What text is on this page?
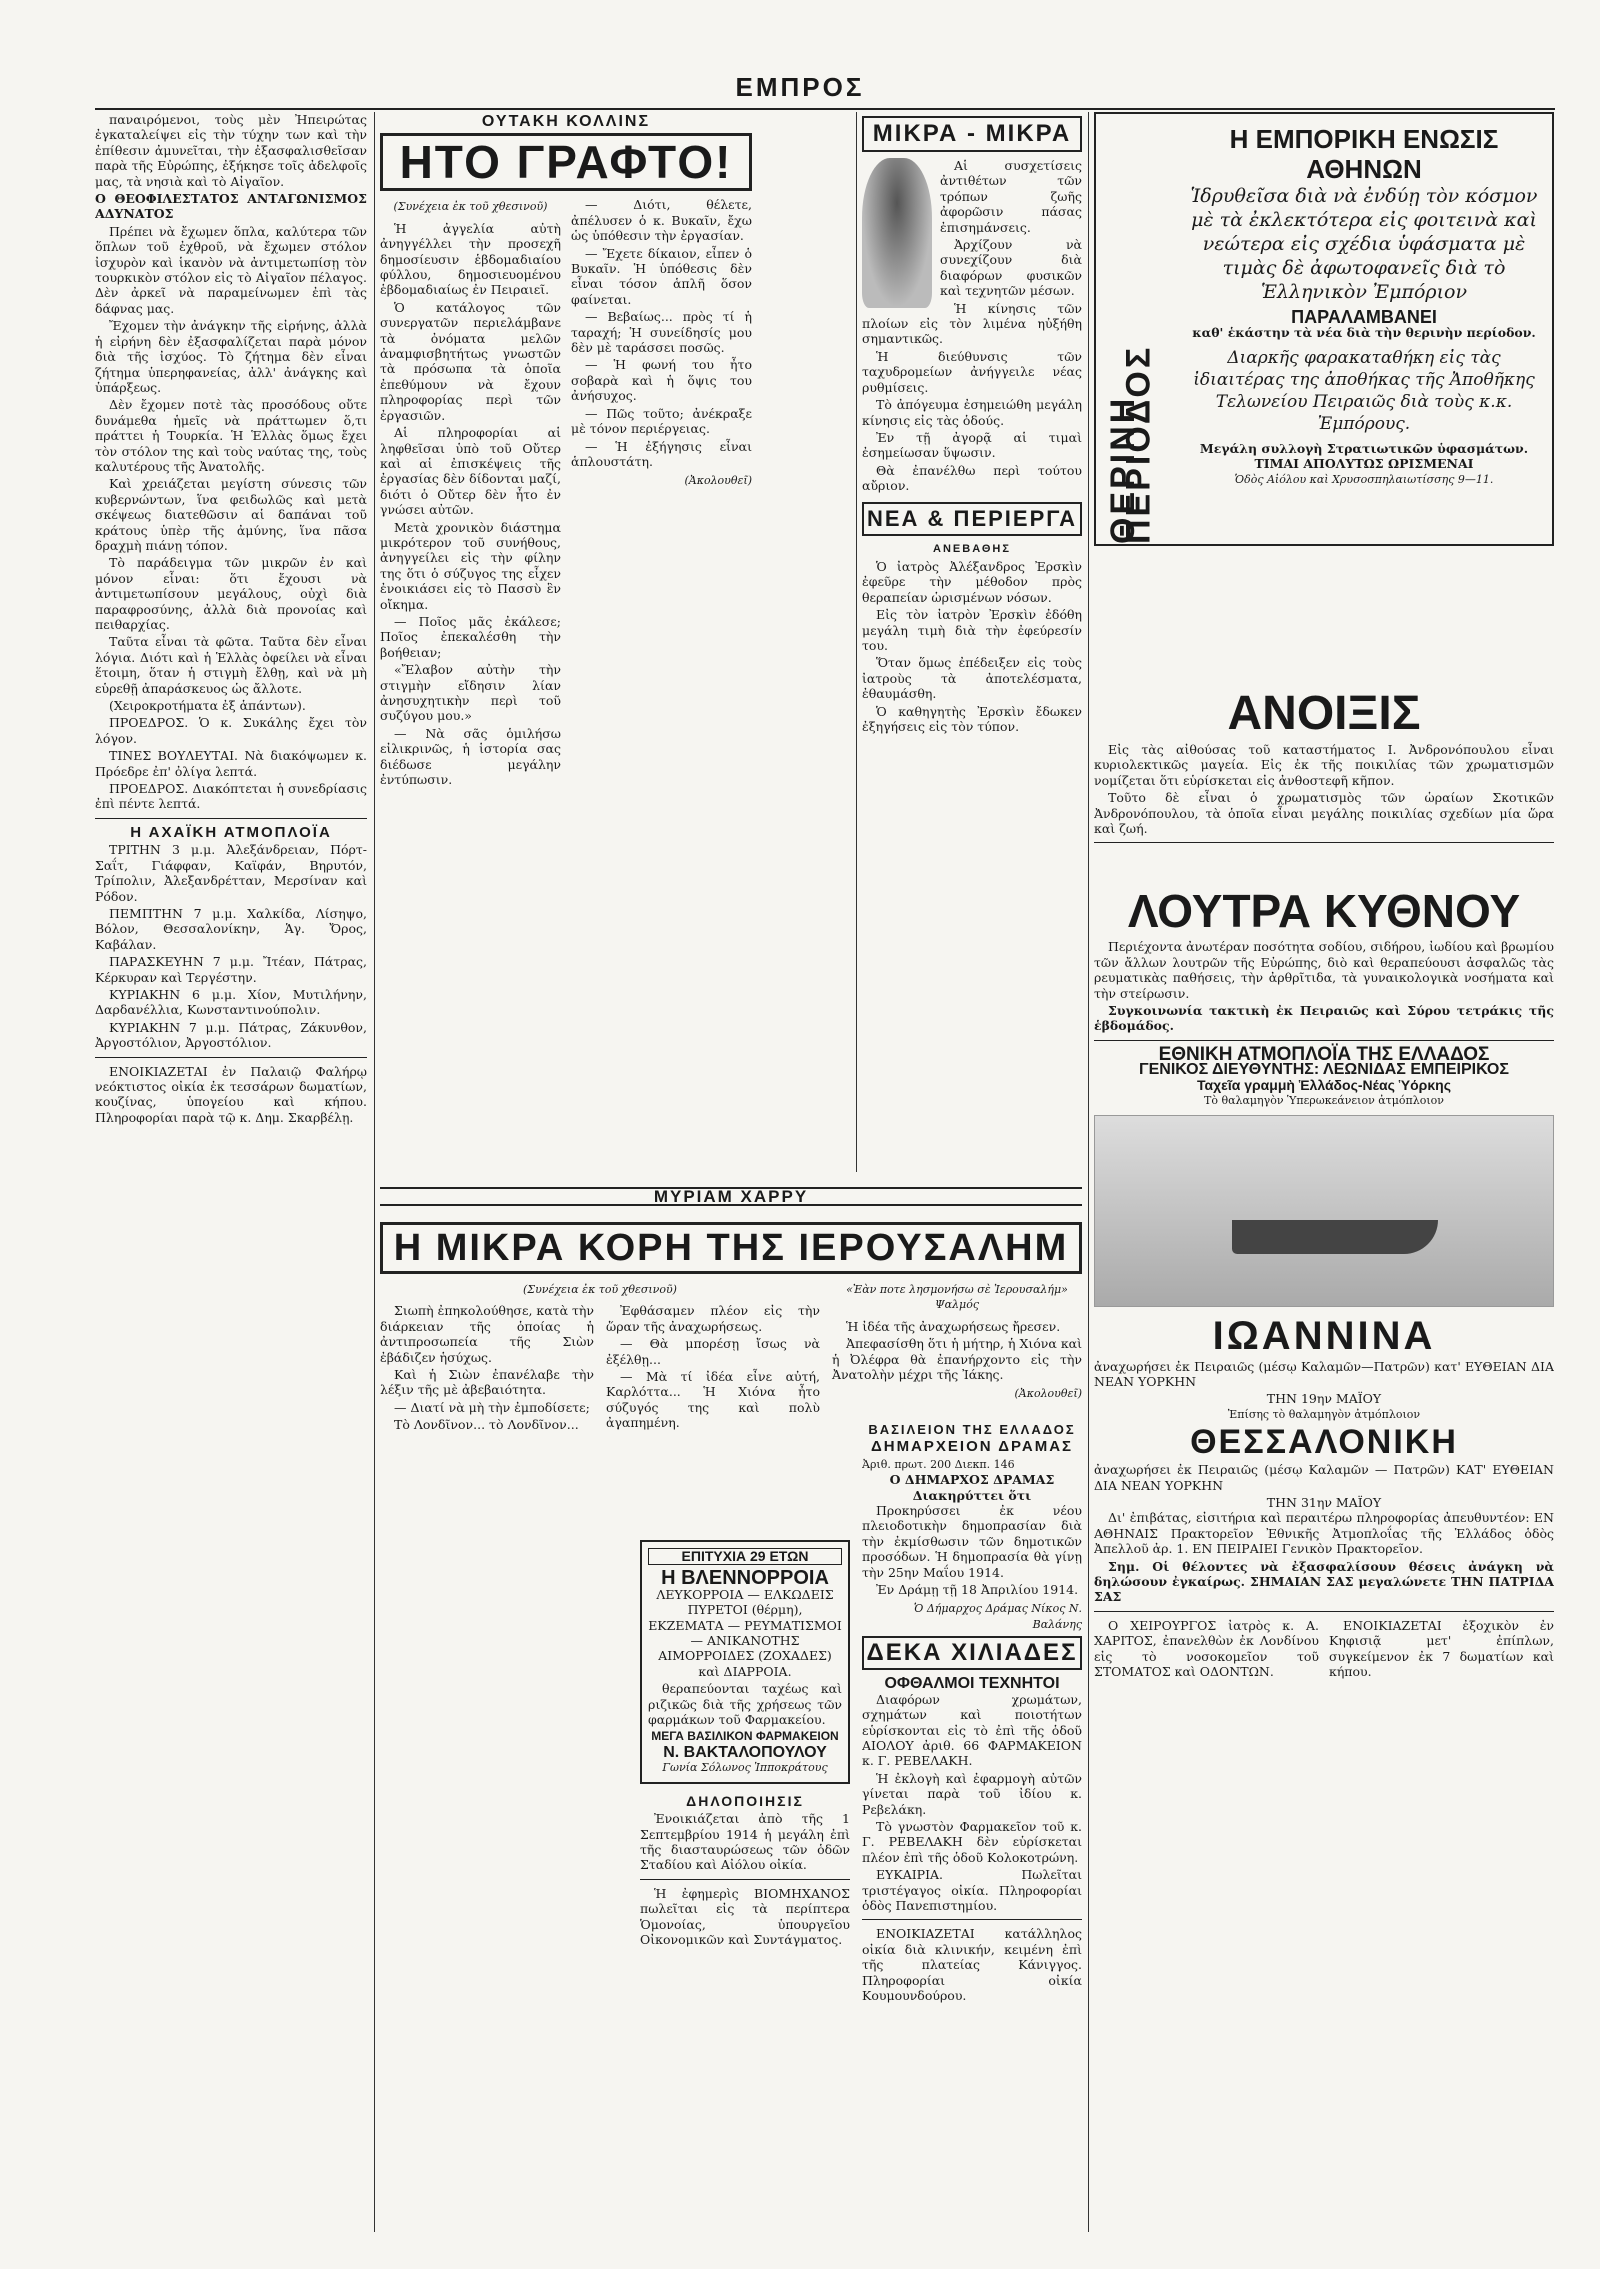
ΕΜΠΡΟΣ

παναιρόμενοι, τοὺς μὲν Ἠπειρώτας ἐγκαταλείψει εἰς τὴν τύχην των καὶ τὴν ἐπίθεσιν ἀμυνεῖται, τὴν ἐξασφαλισθεῖσαν παρὰ τῆς Εὐρώπης, ἐξήκησε τοῖς ἀδελφοῖς μας, τὰ νησιὰ καὶ τὸ Αἰγαῖον.

Ο ΘΕΟΦΙΛΕΣΤΑΤΟΣ ΑΝΤΑΓΩΝΙΣΜΟΣ ΑΔΥΝΑΤΟΣ

Πρέπει νὰ ἔχωμεν ὅπλα, καλύτερα τῶν ὅπλων τοῦ ἐχθροῦ, νὰ ἔχωμεν στόλον ἰσχυρὸν καὶ ἱκανὸν νὰ ἀντιμετωπίσῃ τὸν τουρκικὸν στόλον εἰς τὸ Αἰγαῖον πέλαγος. Δὲν ἀρκεῖ νὰ παραμείνωμεν ἐπὶ τὰς δάφνας μας.

Ἔχομεν τὴν ἀνάγκην τῆς εἰρήνης, ἀλλὰ ἡ εἰρήνη δὲν ἐξασφαλίζεται παρὰ μόνον διὰ τῆς ἰσχύος. Τὸ ζήτημα δὲν εἶναι ζήτημα ὑπερηφανείας, ἀλλ' ἀνάγκης καὶ ὑπάρξεως.

Δὲν ἔχομεν ποτὲ τὰς προσόδους οὔτε δυνάμεθα ἡμεῖς νὰ πράττωμεν ὅ,τι πράττει ἡ Τουρκία. Ἡ Ἑλλὰς ὅμως ἔχει τὸν στόλον της καὶ τοὺς ναύτας της, τοὺς καλυτέρους τῆς Ἀνατολῆς.

Καὶ χρειάζεται μεγίστη σύνεσις τῶν κυβερνώντων, ἵνα φειδωλῶς καὶ μετὰ σκέψεως διατεθῶσιν αἱ δαπάναι τοῦ κράτους ὑπὲρ τῆς ἀμύνης, ἵνα πᾶσα δραχμὴ πιάνῃ τόπον.

Τὸ παράδειγμα τῶν μικρῶν ἐν καὶ μόνον εἶναι: ὅτι ἔχουσι νὰ ἀντιμετωπίσουν μεγάλους, οὐχὶ διὰ παραφροσύνης, ἀλλὰ διὰ προνοίας καὶ πειθαρχίας.

Ταῦτα εἶναι τὰ φῶτα. Ταῦτα δὲν εἶναι λόγια. Διότι καὶ ἡ Ἑλλὰς ὀφείλει νὰ εἶναι ἕτοιμη, ὅταν ἡ στιγμὴ ἔλθῃ, καὶ νὰ μὴ εὑρεθῇ ἀπαράσκευος ὡς ἄλλοτε.

(Χειροκροτήματα ἐξ ἁπάντων).

ΠΡΟΕΔΡΟΣ. Ὁ κ. Συκάλης ἔχει τὸν λόγον.

ΤΙΝΕΣ ΒΟΥΛΕΥΤΑΙ. Νὰ διακόψωμεν κ. Πρόεδρε ἐπ' ὀλίγα λεπτά.

ΠΡΟΕΔΡΟΣ. Διακόπτεται ἡ συνεδρίασις ἐπὶ πέντε λεπτά.

Η ΑΧΑΪΚΗ ΑΤΜΟΠΛΟΪΑ

ΤΡΙΤΗΝ 3 μ.μ. Ἀλεξάνδρειαν, Πόρτ-Σαΐτ, Γιάφφαν, Καϊφάν, Βηρυτόν, Τρίπολιν, Ἀλεξανδρέτταν, Μερσίναν καὶ Ρόδον.

ΠΕΜΠΤΗΝ 7 μ.μ. Χαλκίδα, Λίσηψο, Βόλον, Θεσσαλονίκην, Ἁγ. Ὄρος, Καβάλαν.

ΠΑΡΑΣΚΕΥΗΝ 7 μ.μ. Ἴτέαν, Πάτρας, Κέρκυραν καὶ Τεργέστην.

ΚΥΡΙΑΚΗΝ 6 μ.μ. Χίον, Μυτιλήνην, Δαρδανέλλια, Κωνσταντινούπολιν.

ΚΥΡΙΑΚΗΝ 7 μ.μ. Πάτρας, Ζάκυνθον, Ἀργοστόλιον, Ἀργοστόλιον.

ΕΝΟΙΚΙΑΖΕΤΑΙ ἐν Παλαιῷ Φαλήρῳ νεόκτιστος οἰκία ἐκ τεσσάρων δωματίων, κουζίνας, ὑπογείου καὶ κήπου. Πληροφορίαι παρὰ τῷ κ. Δημ. Σκαρβέλῃ.

ΟΥΤΑΚΗ ΚΟΛΛΙΝΣ
ΗΤΟ ΓΡΑΦΤΟ!
(Συνέχεια ἐκ τοῦ χθεσινοῦ)

Ἡ ἀγγελία αὐτὴ ἀνηγγέλλει τὴν προσεχῆ δημοσίευσιν ἑβδομαδιαίου φύλλου, δημοσιευομένου ἑβδομαδιαίως ἐν Πειραιεῖ.

Ὁ κατάλογος τῶν συνεργατῶν περιελάμβανε τὰ ὀνόματα μελῶν ἀναμφισβητήτως γνωστῶν τὰ πρόσωπα τὰ ὁποῖα ἐπεθύμουν νὰ ἔχουν πληροφορίας περὶ τῶν ἐργασιῶν.

Αἱ πληροφορίαι αἱ ληφθεῖσαι ὑπὸ τοῦ Οὔτερ καὶ αἱ ἐπισκέψεις τῆς ἐργασίας δὲν δίδονται μαζί, διότι ὁ Οὔτερ δὲν ἦτο ἐν γνώσει αὐτῶν.

Μετὰ χρονικὸν διάστημα μικρότερον τοῦ συνήθους, ἀνηγγείλει εἰς τὴν φίλην της ὅτι ὁ σύζυγος της εἶχεν ἐνοικιάσει εἰς τὸ Πασσὺ ἓν οἴκημα.

— Ποῖος μᾶς ἐκάλεσε; Ποῖος ἐπεκαλέσθη τὴν βοήθειαν;

«Ἔλαβον αὐτὴν τὴν στιγμὴν εἴδησιν λίαν ἀνησυχητικὴν περὶ τοῦ συζύγου μου.»

— Νὰ σᾶς ὁμιλήσω εἰλικρινῶς, ἡ ἱστορία σας διέδωσε μεγάλην ἐντύπωσιν.

— Διότι, θέλετε, ἀπέλυσεν ὁ κ. Βυκαῖν, ἔχω ὡς ὑπόθεσιν τὴν ἐργασίαν.

— Ἔχετε δίκαιον, εἶπεν ὁ Βυκαῖν. Ἡ ὑπόθεσις δὲν εἶναι τόσον ἁπλῆ ὅσον φαίνεται.

— Βεβαίως... πρὸς τί ἡ ταραχή; Ἡ συνείδησίς μου δὲν μὲ ταράσσει ποσῶς.

— Ἡ φωνή του ἦτο σοβαρὰ καὶ ἡ ὅψις του ἀνήσυχος.

— Πῶς τοῦτο; ἀνέκραξε μὲ τόνον περιέργειας.

— Ἡ ἐξήγησις εἶναι ἁπλουστάτη.

(Ἀκολουθεῖ)
ΜΙΚΡΑ - ΜΙΚΡΑ

Αἱ συσχετίσεις ἀντιθέτων τῶν τρόπων ζωῆς ἀφορῶσιν πάσας ἐπισημάνσεις.

Ἀρχίζουν νὰ συνεχίζουν διὰ διαφόρων φυσικῶν καὶ τεχνητῶν μέσων.

Ἡ κίνησις τῶν πλοίων εἰς τὸν λιμένα ηὐξήθη σημαντικῶς.

Ἡ διεύθυνσις τῶν ταχυδρομείων ἀνήγγειλε νέας ρυθμίσεις.

Τὸ ἀπόγευμα ἐσημειώθη μεγάλη κίνησις εἰς τὰς ὁδούς.

Ἐν τῇ ἀγορᾷ αἱ τιμαὶ ἐσημείωσαν ὕψωσιν.

Θὰ ἐπανέλθω περὶ τούτου αὔριον.

ΝΕΑ & ΠΕΡΙΕΡΓΑ
ΑΝΕΒΑΘΗΣ

Ὁ ἰατρὸς Ἀλέξανδρος Ἐρσκὶν ἐφεῦρε τὴν μέθοδον πρὸς θεραπείαν ὡρισμένων νόσων.

Εἰς τὸν ἰατρὸν Ἐρσκὶν ἐδόθη μεγάλη τιμὴ διὰ τὴν ἐφεύρεσίν του.

Ὅταν ὅμως ἐπέδειξεν εἰς τοὺς ἰατροὺς τὰ ἀποτελέσματα, ἐθαυμάσθη.

Ὁ καθηγητὴς Ἐρσκὶν ἔδωκεν ἐξηγήσεις εἰς τὸν τύπον.

ΜΥΡΙΑΜ ΧΑΡΡΥ
Η ΜΙΚΡΑ ΚΟΡΗ ΤΗΣ ΙΕΡΟΥΣΑΛΗΜ
(Συνέχεια ἐκ τοῦ χθεσινοῦ)

Σιωπὴ ἐπηκολούθησε, κατὰ τὴν διάρκειαν τῆς ὁποίας ἡ ἀντιπροσωπεία τῆς Σιὼν ἐβάδιζεν ἡσύχως.

Καὶ ἡ Σιὼν ἐπανέλαβε τὴν λέξιν τῆς μὲ ἀβεβαιότητα.

— Διατί νὰ μὴ τὴν ἐμποδίσετε;

Τὸ Λονδῖνον... τὸ Λονδῖνον...

Ἐφθάσαμεν πλέον εἰς τὴν ὥραν τῆς ἀναχωρήσεως.

— Θὰ μπορέσῃ ἴσως νὰ ἐξέλθῃ...

— Μὰ τί ἰδέα εἶνε αὐτή, Καρλόττα... Ἡ Χιόνα ἦτο σύζυγός της καὶ πολὺ ἀγαπημένη.

«Ἐὰν ποτε λησμονήσω σὲ Ἱερουσαλήμ» Ψαλμός

Ἡ ἰδέα τῆς ἀναχωρήσεως ἤρεσεν.

Ἀπεφασίσθη ὅτι ἡ μήτηρ, ἡ Χιόνα καὶ ἡ Ὀλέφρα θὰ ἐπανήρχοντο εἰς τὴν Ἀνατολὴν μέχρι τῆς Ἰάκης.

(Ἀκολουθεῖ)
ΕΠΙΤΥΧΙΑ 29 ΕΤΩΝ
Η ΒΛΕΝΝΟΡΡΟΙΑ

ΛΕΥΚΟΡΡΟΙΑ — ΕΛΚΩΔΕΙΣ ΠΥΡΕΤΟΙ (θέρμη), ΕΚΖΕΜΑΤΑ — ΡΕΥΜΑΤΙΣΜΟΙ — ΑΝΙΚΑΝΟΤΗΣ ΑΙΜΟΡΡΟΙΔΕΣ (ΖΟΧΑΔΕΣ) καὶ ΔΙΑΡΡΟΙΑ.

θεραπεύονται ταχέως καὶ ριζικῶς διὰ τῆς χρήσεως τῶν φαρμάκων τοῦ Φαρμακείου.

ΜΕΓΑ ΒΑΣΙΛΙΚΟΝ ΦΑΡΜΑΚΕΙΟΝ
Ν. ΒΑΚΤΑΛΟΠΟΥΛΟΥ
Γωνία Σόλωνος Ἱπποκράτους
ΔΗΛΟΠΟΙΗΣΙΣ

Ἐνοικιάζεται ἀπὸ τῆς 1 Σεπτεμβρίου 1914 ἡ μεγάλη ἐπὶ τῆς διασταυρώσεως τῶν ὁδῶν Σταδίου καὶ Αἰόλου οἰκία.

Ἡ ἐφημερὶς ΒΙΟΜΗΧΑΝΟΣ πωλεῖται εἰς τὰ περίπτερα Ὁμονοίας, ὑπουργεῖου Οἰκονομικῶν καὶ Συντάγματος.

ΒΑΣΙΛΕΙΟΝ ΤΗΣ ΕΛΛΑΔΟΣ
ΔΗΜΑΡΧΕΙΟΝ ΔΡΑΜΑΣ
Ἀριθ. πρωτ. 200 Διεκπ. 146
Ο ΔΗΜΑΡΧΟΣ ΔΡΑΜΑΣ Διακηρύττει ὅτι

Προκηρύσσει ἐκ νέου πλειοδοτικὴν δημοπρασίαν διὰ τὴν ἐκμίσθωσιν τῶν δημοτικῶν προσόδων. Ἡ δημοπρασία θὰ γίνῃ τὴν 25ην Μαΐου 1914.

Ἐν Δράμῃ τῇ 18 Ἀπριλίου 1914.

Ὁ Δήμαρχος Δράμας Νίκος Ν. Βαλάνης
ΔΕΚΑ ΧΙΛΙΑΔΕΣ
ΟΦΘΑΛΜΟΙ ΤΕΧΝΗΤΟΙ

Διαφόρων χρωμάτων, σχημάτων καὶ ποιοτήτων εὑρίσκονται εἰς τὸ ἐπὶ τῆς ὁδοῦ ΑΙΟΛΟΥ ἀριθ. 66 ΦΑΡΜΑΚΕΙΟΝ κ. Γ. ΡΕΒΕΛΑΚΗ.

Ἡ ἐκλογὴ καὶ ἐφαρμογὴ αὐτῶν γίνεται παρὰ τοῦ ἰδίου κ. Ρεβελάκη.

Τὸ γνωστὸν Φαρμακεῖον τοῦ κ. Γ. ΡΕΒΕΛΑΚΗ δὲν εὑρίσκεται πλέον ἐπὶ τῆς ὁδοῦ Κολοκοτρώνη.

ΕΥΚΑΙΡΙΑ. Πωλεῖται τριστέγαγος οἰκία. Πληροφορίαι ὁδὸς Πανεπιστημίου.

ΕΝΟΙΚΙΑΖΕΤΑΙ κατάλληλος οἰκία διὰ κλινικήν, κειμένη ἐπὶ τῆς πλατείας Κάνιγγος. Πληροφορίαι οἰκία Κουμουνδούρου.

ΘΕΡΙΝΗ ΠΕΡΙΟΔΟΣ
Η ΕΜΠΟΡΙΚΗ ΕΝΩΣΙΣ ΑΘΗΝΩΝ
Ἱδρυθεῖσα διὰ νὰ ἐνδύῃ τὸν κόσμον μὲ τὰ ἐκλεκτότερα εἰς φοιτεινὰ καὶ νεώτερα εἰς σχέδια ὑφάσματα μὲ τιμὰς δὲ ἀφωτοφανεῖς διὰ τὸ Ἑλληνικὸν Ἐμπόριον
ΠΑΡΑΛΑΜΒΑΝΕΙ
καθ' ἑκάστην τὰ νέα διὰ τὴν θερινὴν περίοδον.
Διαρκῆς φαρακαταθήκη εἰς τὰς ἰδιαιτέρας της ἀποθήκας τῆς Ἀποθῆκης Τελωνείου Πειραιῶς διὰ τοὺς κ.κ. Ἐμπόρους.
Μεγάλη συλλογὴ Στρατιωτικῶν ὑφασμάτων. ΤΙΜΑΙ ΑΠΟΛΥΤΩΣ ΩΡΙΣΜΕΝΑΙ
Ὁδὸς Αἰόλου καὶ Χρυσοσπηλαιωτίσσης 9—11.
ΑΝΟΙΞΙΣ

Εἰς τὰς αἰθούσας τοῦ καταστήματος Ι. Ἀνδρονόπουλου εἶναι κυριολεκτικῶς μαγεία. Εἰς ἐκ τῆς ποικιλίας τῶν χρωματισμῶν νομίζεται ὅτι εὑρίσκεται εἰς ἀνθοστεφῆ κῆπον.

Τοῦτο δὲ εἶναι ὁ χρωματισμὸς τῶν ὡραίων Σκοτικῶν Ἀνδρονόπουλου, τὰ ὁποῖα εἶναι μεγάλης ποικιλίας σχεδίων μία ὥρα καὶ ζωή.

ΛΟΥΤΡΑ ΚΥΘΝΟΥ

Περιέχοντα ἀνωτέραν ποσότητα σοδίου, σιδήρου, ἰωδίου καὶ βρωμίου τῶν ἄλλων λουτρῶν τῆς Εὐρώπης, διὸ καὶ θεραπεύουσι ἀσφαλῶς τὰς ρευματικὰς παθήσεις, τὴν ἀρθρῖτιδα, τὰ γυναικολογικὰ νοσήματα καὶ τὴν στείρωσιν.

Συγκοινωνία τακτικὴ ἐκ Πειραιῶς καὶ Σύρου τετράκις τῆς ἑβδομάδος.

ΕΘΝΙΚΗ ΑΤΜΟΠΛΟΪΑ ΤΗΣ ΕΛΛΑΔΟΣ
ΓΕΝΙΚΟΣ ΔΙΕΥΘΥΝΤΗΣ: ΛΕΩΝΙΔΑΣ ΕΜΠΕΙΡΙΚΟΣ
Ταχεῖα γραμμὴ Ἑλλάδος-Νέας Ὑόρκης
Τὸ θαλαμηγὸν Ὑπερωκεάνειον ἀτμόπλοιον
ΙΩΑΝΝΙΝΑ

ἀναχωρήσει ἐκ Πειραιῶς (μέσῳ Καλαμῶν—Πατρῶν) κατ' ΕΥΘΕΙΑΝ ΔΙΑ ΝΕΑΝ ΥΟΡΚΗΝ

ΤΗΝ 19ην ΜΑΪΟΥ
Ἐπίσης τὸ θαλαμηγὸν ἀτμόπλοιον
ΘΕΣΣΑΛΟΝΙΚΗ

ἀναχωρήσει ἐκ Πειραιῶς (μέσῳ Καλαμῶν — Πατρῶν) ΚΑΤ' ΕΥΘΕΙΑΝ ΔΙΑ ΝΕΑΝ ΥΟΡΚΗΝ

ΤΗΝ 31ην ΜΑΪΟΥ

Δι' ἐπιβάτας, εἰσιτήρια καὶ περαιτέρω πληροφορίας ἀπευθυντέον: ΕΝ ΑΘΗΝΑΙΣ Πρακτορεῖον Ἐθνικῆς Ἀτμοπλοΐας τῆς Ἑλλάδος ὁδὸς Ἀπελλοῦ ἀρ. 1. ΕΝ ΠΕΙΡΑΙΕΙ Γενικὸν Πρακτορεῖον.

Σημ. Οἱ θέλοντες νὰ ἐξασφαλίσουν θέσεις ἀνάγκη νὰ δηλώσουν ἐγκαίρως. ΣΗΜΑΙΑΝ ΣΑΣ μεγαλώνετε ΤΗΝ ΠΑΤΡΙΔΑ ΣΑΣ

Ο ΧΕΙΡΟΥΡΓΟΣ ἰατρὸς κ. Α. ΧΑΡΙΤΟΣ, ἐπανελθὼν ἐκ Λονδίνου εἰς τὸ νοσοκομεῖον τοῦ ΣΤΟΜΑΤΟΣ καὶ ΟΔΟΝΤΩΝ.

ΕΝΟΙΚΙΑΖΕΤΑΙ ἐξοχικὸν ἐν Κηφισιᾷ μετ' ἐπίπλων, συγκείμενον ἐκ 7 δωματίων καὶ κήπου.
